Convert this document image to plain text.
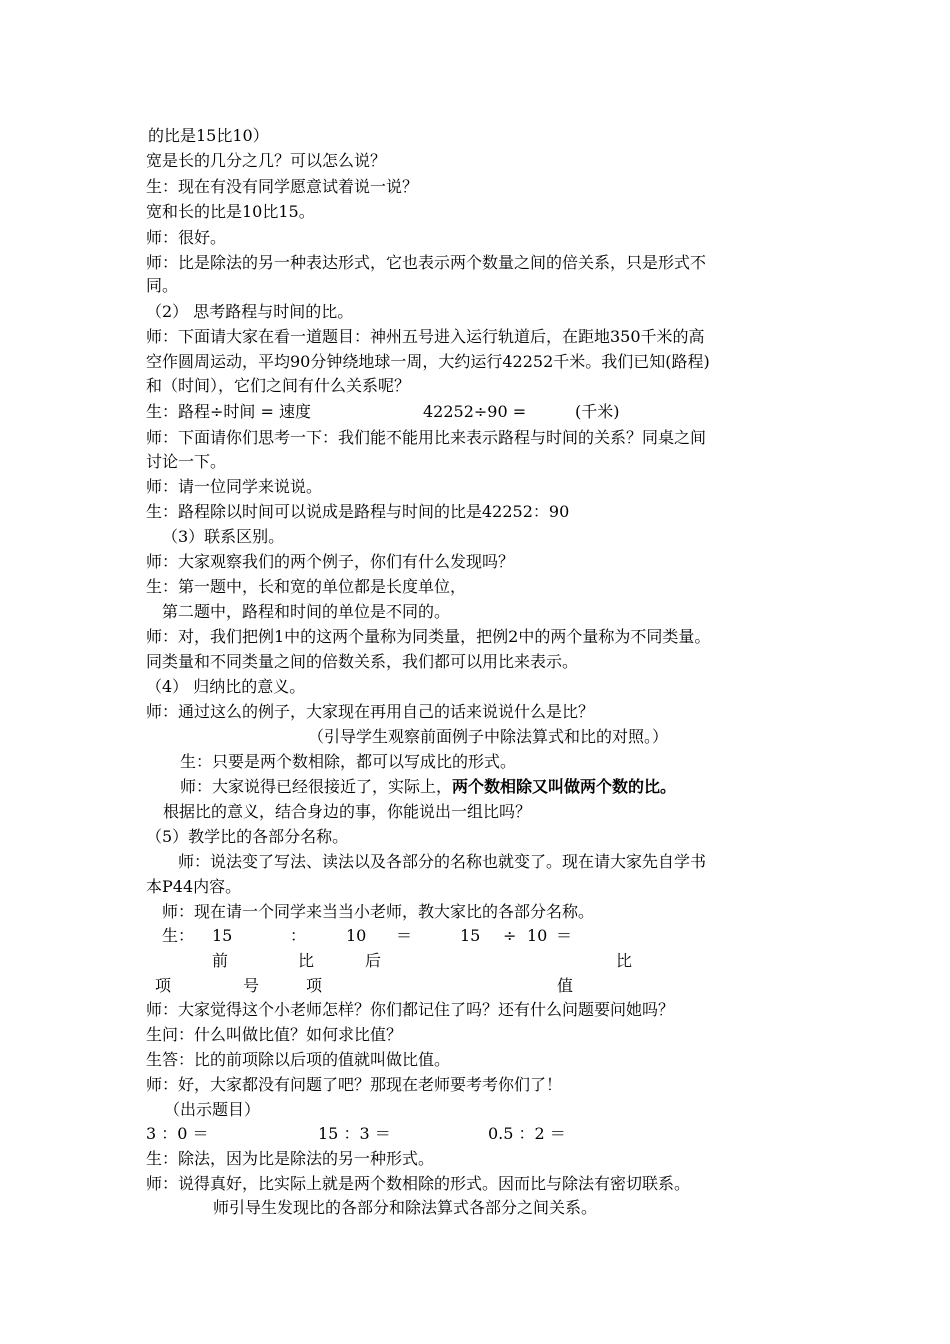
的比是15比10）
宽是长的几分之几？可以怎么说？
生：现在有没有同学愿意试着说一说？
宽和长的比是10比15。
师：很好。
师：比是除法的另一种表达形式，它也表示两个数量之间的倍关系，只是形式不
同。
（2） 思考路程与时间的比。
师：下面请大家在看一道题目：神州五号进入运行轨道后，在距地350千米的高
空作圆周运动，平均90分钟绕地球一周，大约运行42252千米。我们已知(路程)
和（时间），它们之间有什么关系呢？
生：路程÷时间 = 速度	42252÷90 =	(千米)
师：下面请你们思考一下：我们能不能用比来表示路程与时间的关系？同桌之间
讨论一下。
师：请一位同学来说说。
生：路程除以时间可以说成是路程与时间的比是42252：90
（3）联系区别。
师：大家观察我们的两个例子，你们有什么发现吗？
生：第一题中，长和宽的单位都是长度单位，
第二题中，路程和时间的单位是不同的。
师：对，我们把例1中的这两个量称为同类量，把例2中的两个量称为不同类量。
同类量和不同类量之间的倍数关系，我们都可以用比来表示。
（4） 归纳比的意义。
师：通过这么的例子，大家现在再用自己的话来说说什么是比？
（引导学生观察前面例子中除法算式和比的对照。）
生：只要是两个数相除，都可以写成比的形式。
师：大家说得已经很接近了，实际上，两个数相除又叫做两个数的比。
根据比的意义，结合身边的事，你能说出一组比吗？
（5）教学比的各部分名称。
师：说法变了写法、读法以及各部分的名称也就变了。现在请大家先自学书
本P44内容。
师：现在请一个同学来当当小老师，教大家比的各部分名称。
生： 15	： 10 ＝	15 ÷ 10 ＝
前	比	后	比
项	号	项	值
师：大家觉得这个小老师怎样？你们都记住了吗？还有什么问题要问她吗？
生问：什么叫做比值？如何求比值？
生答：比的前项除以后项的值就叫做比值。
师：好，大家都没有问题了吧？那现在老师要考考你们了！
（出示题目）
3 ：0 ＝	15 ：3 ＝	0.5 ：2 ＝
生：除法，因为比是除法的另一种形式。
师：说得真好，比实际上就是两个数相除的形式。因而比与除法有密切联系。
师引导生发现比的各部分和除法算式各部分之间关系。
